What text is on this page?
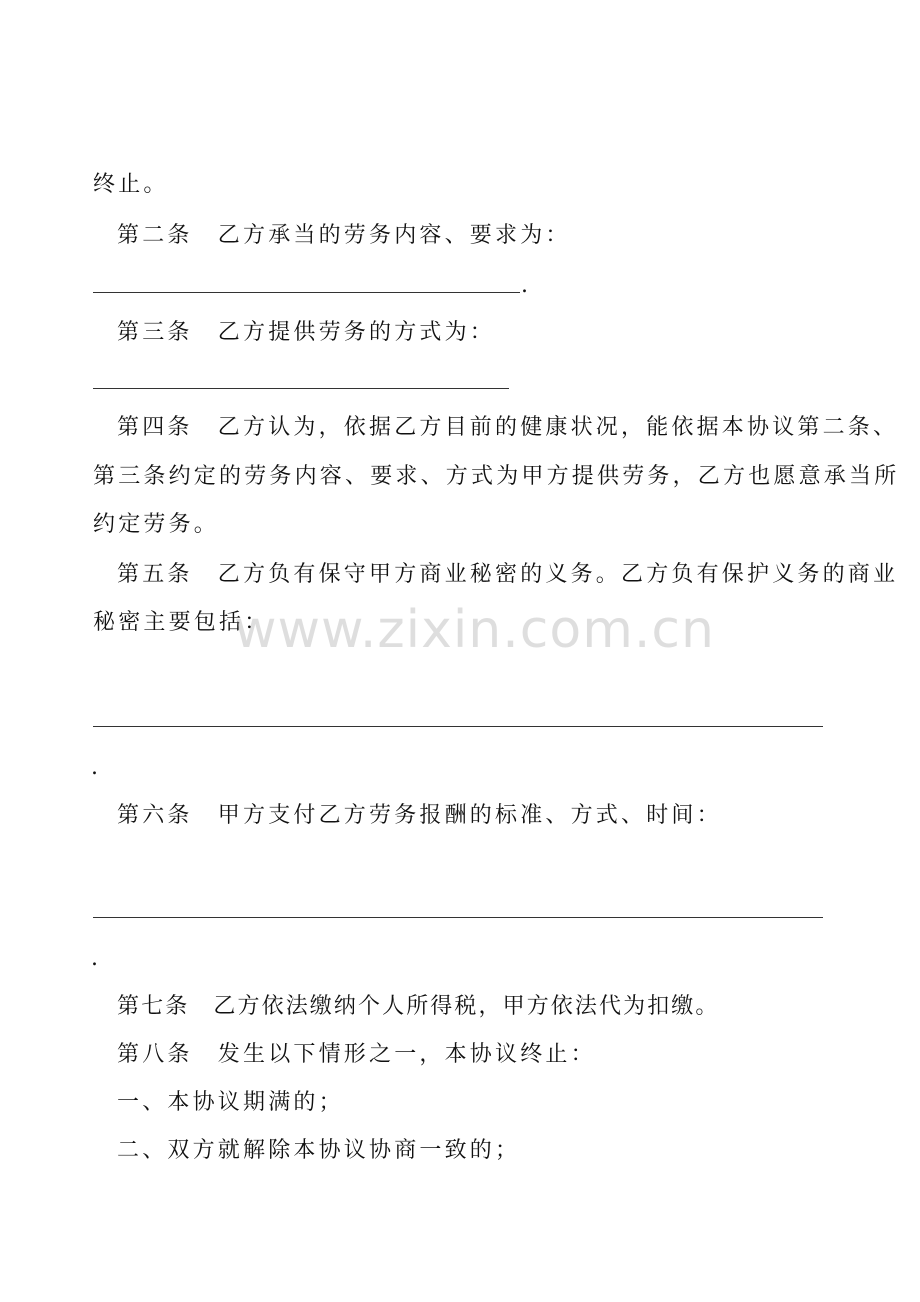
终止。
第二条　乙方承当的劳务内容、要求为：
.
第三条　乙方提供劳务的方式为：
第四条　乙方认为，依据乙方目前的健康状况，能依据本协议第二条、
第三条约定的劳务内容、要求、方式为甲方提供劳务，乙方也愿意承当所
约定劳务。
第五条　乙方负有保守甲方商业秘密的义务。乙方负有保护义务的商业
秘密主要包括：
.
第六条　甲方支付乙方劳务报酬的标准、方式、时间：
.
第七条　乙方依法缴纳个人所得税，甲方依法代为扣缴。
第八条　发生以下情形之一，本协议终止：
一、本协议期满的；
二、双方就解除本协议协商一致的；
www.zixin.com.cn
